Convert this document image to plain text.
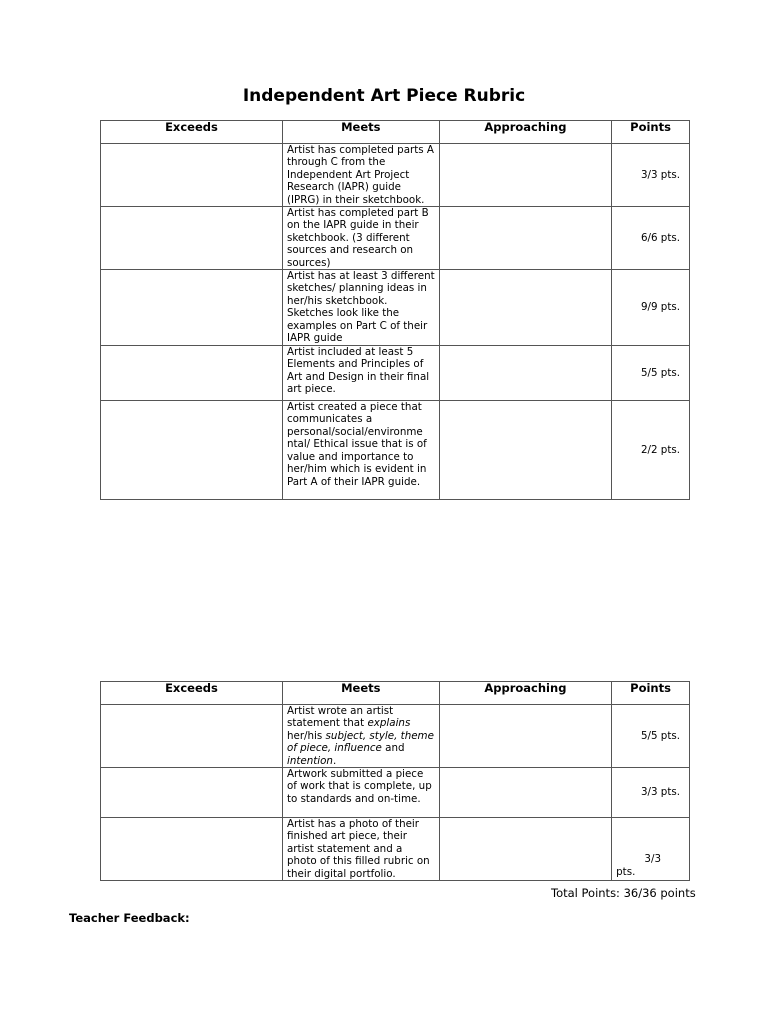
Independent Art Piece Rubric
Exceeds	Meets	Approaching	Points
	Artist has completed parts A through C from the Independent Art Project Research (IAPR) guide (IPRG) in their sketchbook.		3/3 pts.
	Artist has completed part B on the IAPR guide in their sketchbook. (3 different sources and research on sources)		6/6 pts.
	Artist has at least 3 different sketches/ planning ideas in her/his sketchbook. Sketches look like the examples on Part C of their IAPR guide		9/9 pts.
	Artist included at least 5 Elements and Principles of Art and Design in their final art piece.		5/5 pts.
	Artist created a piece that communicates a personal/social/environme ntal/ Ethical issue that is of value and importance to her/him which is evident in Part A of their IAPR guide.		2/2 pts.
Exceeds	Meets	Approaching	Points
	Artist wrote an artist statement that explains her/his subject, style, theme of piece, influence and intention.		5/5 pts.
	Artwork submitted a piece of work that is complete, up to standards and on-time.		3/3 pts.
	Artist has a photo of their finished art piece, their artist statement and a photo of this filled rubric on their digital portfolio.		3/3
pts.
Total Points: 36/36 points
Teacher Feedback:
